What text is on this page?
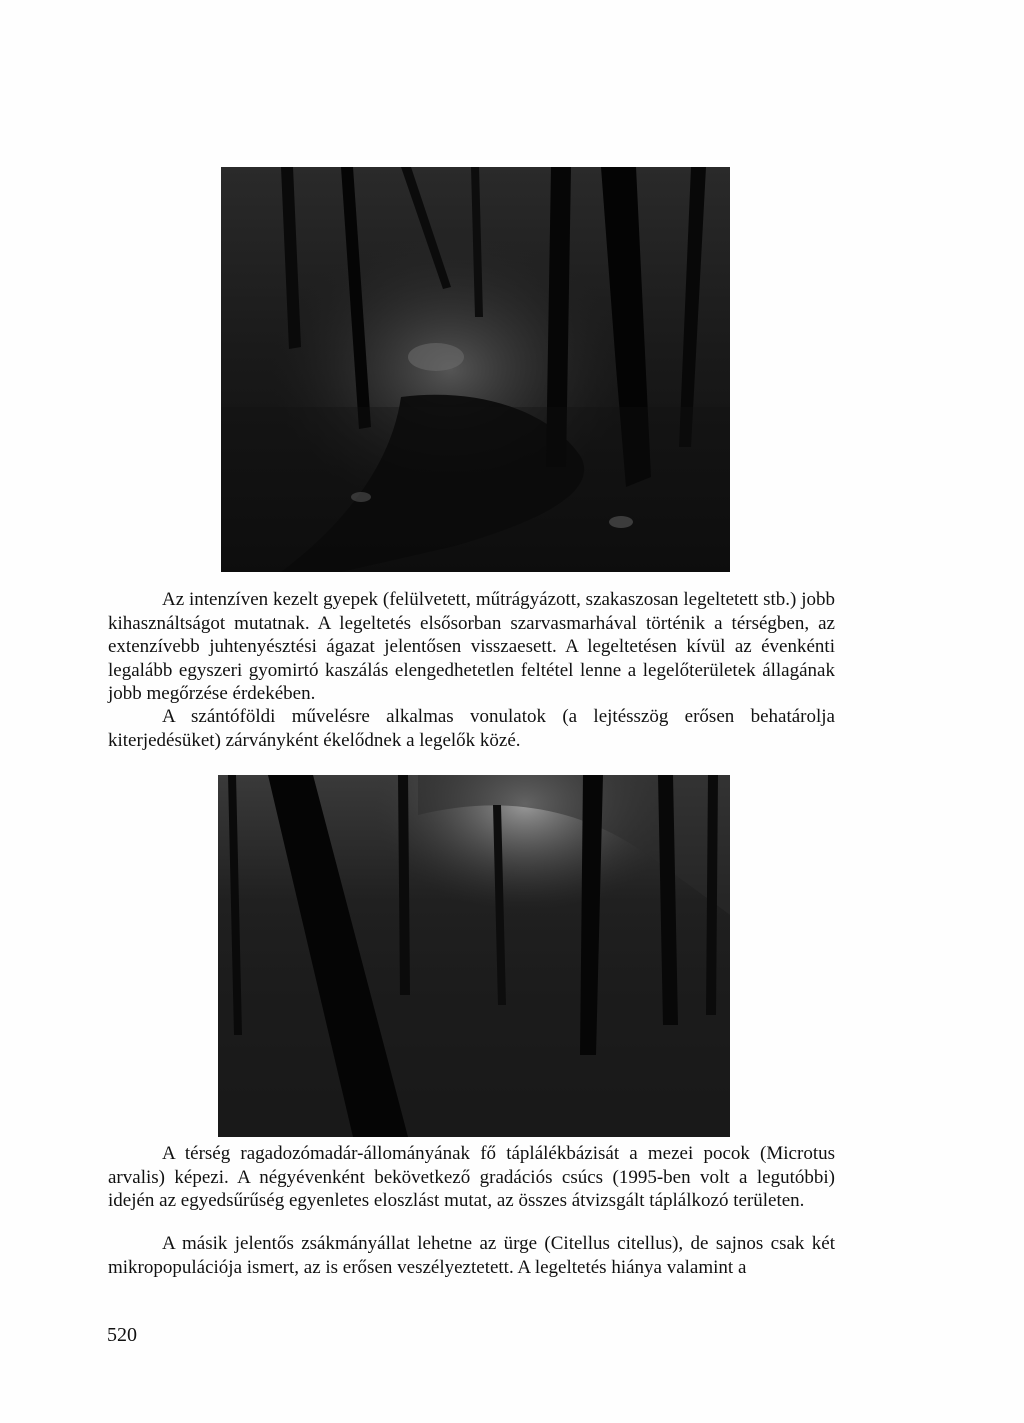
Az intenzíven kezelt gyepek (felülvetett, műtrágyázott, szakaszosan legeltetett stb.) jobb kihasználtságot mutatnak. A legeltetés elsősorban szarvasmarhával történik a térségben, az extenzívebb juhtenyésztési ágazat jelentősen visszaesett. A legeltetésen kívül az évenkénti legalább egyszeri gyomirtó kaszálás elengedhetetlen feltétel lenne a legelőterületek állagának jobb megőrzése érdekében.

A szántóföldi művelésre alkalmas vonulatok (a lejtésszög erősen behatárolja kiterjedésüket) zárványként ékelődnek a legelők közé.

A térség ragadozómadár-állományának fő táplálékbázisát a mezei pocok (Microtus arvalis) képezi. A négyévenként bekövetkező gradációs csúcs (1995-ben volt a legutóbbi) idején az egyedsűrűség egyenletes eloszlást mutat, az összes átvizsgált táplálkozó területen.

A másik jelentős zsákmányállat lehetne az ürge (Citellus citellus), de sajnos csak két mikropopulációja ismert, az is erősen veszélyeztetett. A legeltetés hiánya valamint a

520
